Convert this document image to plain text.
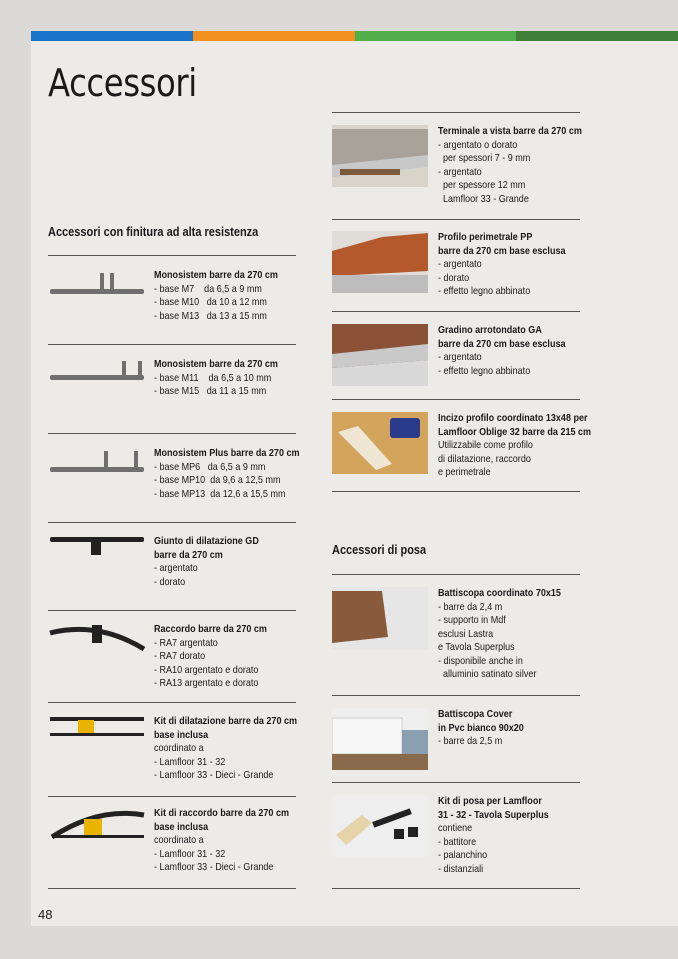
Accessori
Accessori con finitura ad alta resistenza
Monosistem barre da 270 cm
- base M7    da 6,5 a 9 mm
- base M10   da 10 a 12 mm
- base M13   da 13 a 15 mm
Monosistem barre da 270 cm
- base M11    da 6,5 a 10 mm
- base M15   da 11 a 15 mm
Monosistem Plus barre da 270 cm
- base MP6   da 6,5 a 9 mm
- base MP10  da 9,6 a 12,5 mm
- base MP13  da 12,6 a 15,5 mm
Giunto di dilatazione GD
barre da 270 cm
- argentato
- dorato
Raccordo barre da 270 cm
- RA7 argentato
- RA7 dorato
- RA10 argentato e dorato
- RA13 argentato e dorato
Kit di dilatazione barre da 270 cm
base inclusa
coordinato a
- Lamfloor 31 - 32
- Lamfloor 33 - Dieci - Grande
Kit di raccordo barre da 270 cm
base inclusa
coordinato a
- Lamfloor 31 - 32
- Lamfloor 33 - Dieci - Grande
Terminale a vista barre da 270 cm
- argentato o dorato
per spessori 7 - 9 mm
- argentato
per spessore 12 mm
Lamfloor 33 - Grande
Profilo perimetrale PP
barre da 270 cm base esclusa
- argentato
- dorato
- effetto legno abbinato
Gradino arrotondato GA
barre da 270 cm base esclusa
- argentato
- effetto legno abbinato
Incizo profilo coordinato 13x48 per
Lamfloor Oblige 32 barre da 215 cm
Utilizzabile come profilo
di dilatazione, raccordo
e perimetrale
Accessori di posa
Battiscopa coordinato 70x15
- barre da 2,4 m
- supporto in Mdf
esclusi Lastra
e Tavola Superplus
- disponibile anche in
alluminio satinato silver
Battiscopa Cover
in Pvc bianco 90x20
- barre da 2,5 m
Kit di posa per Lamfloor
31 - 32 - Tavola Superplus
contiene
- battitore
- palanchino
- distanziali
48
